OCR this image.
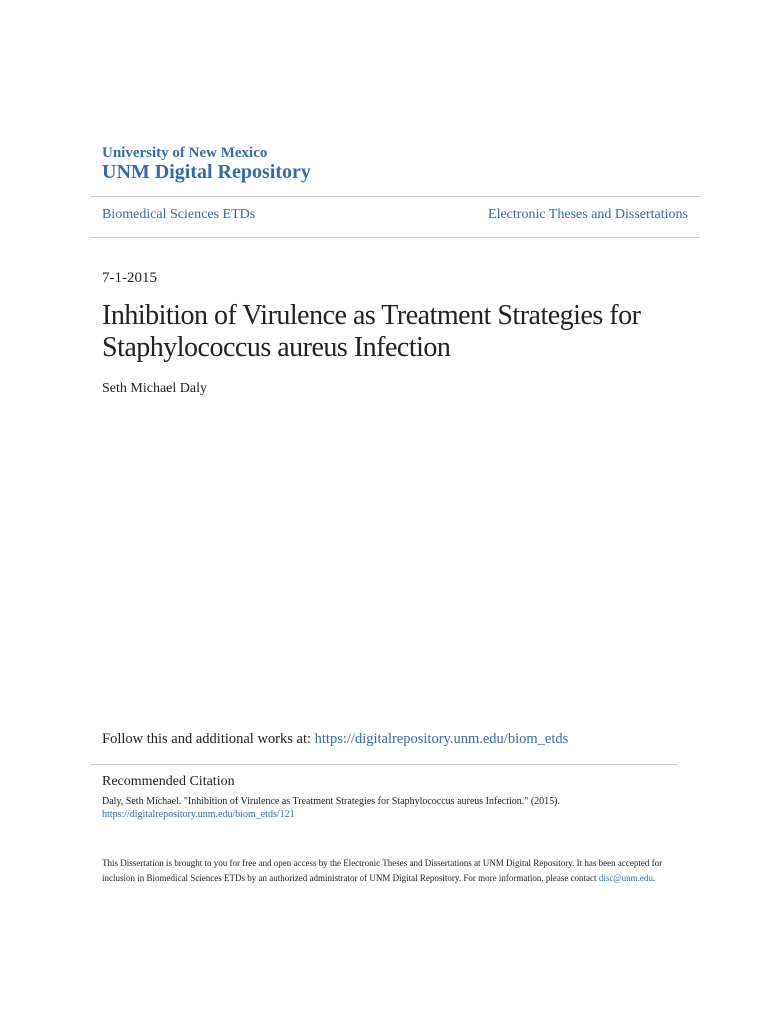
University of New Mexico
UNM Digital Repository
Biomedical Sciences ETDs	Electronic Theses and Dissertations
7-1-2015
Inhibition of Virulence as Treatment Strategies for Staphylococcus aureus Infection
Seth Michael Daly
Follow this and additional works at: https://digitalrepository.unm.edu/biom_etds
Recommended Citation
Daly, Seth Michael. "Inhibition of Virulence as Treatment Strategies for Staphylococcus aureus Infection." (2015).
https://digitalrepository.unm.edu/biom_etds/121
This Dissertation is brought to you for free and open access by the Electronic Theses and Dissertations at UNM Digital Repository. It has been accepted for inclusion in Biomedical Sciences ETDs by an authorized administrator of UNM Digital Repository. For more information, please contact disc@unm.edu.
